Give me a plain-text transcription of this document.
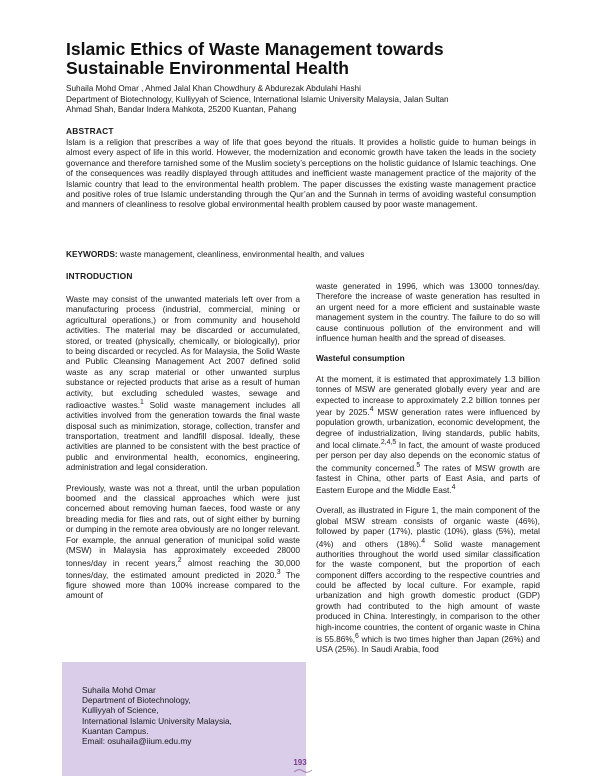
Islamic Ethics of Waste Management towards
Sustainable Environmental Health
Suhaila Mohd Omar , Ahmed Jalal Khan Chowdhury & Abdurezak Abdulahi Hashi
Department of Biotechnology, Kulliyyah of Science, International Islamic University Malaysia, Jalan Sultan
Ahmad Shah, Bandar Indera Mahkota, 25200 Kuantan, Pahang
ABSTRACT
Islam is a religion that prescribes a way of life that goes beyond the rituals. It provides a holistic guide to human beings in almost every aspect of life in this world. However, the modernization and economic growth have taken the leads in the society governance and therefore tarnished some of the Muslim society’s perceptions on the holistic guidance of Islamic teachings. One of the consequences was readily displayed through attitudes and inefficient waste management practice of the majority of the Islamic country that lead to the environmental health problem. The paper discusses the existing waste management practice and positive roles of true Islamic understanding through the Qur’an and the Sunnah in terms of avoiding wasteful consumption and manners of cleanliness to resolve global environmental health problem caused by poor waste management.
KEYWORDS: waste management, cleanliness, environmental health, and values
INTRODUCTION

Waste may consist of the unwanted materials left over from a manufacturing process (industrial, commercial, mining or agricultural operations,) or from community and household activities. The material may be discarded or accumulated, stored, or treated (physically, chemically, or biologically), prior to being discarded or recycled. As for Malaysia, the Solid Waste and Public Cleansing Management Act 2007 defined solid waste as any scrap material or other unwanted surplus substance or rejected products that arise as a result of human activity, but excluding scheduled wastes, sewage and radioactive wastes.$^1$ Solid waste management includes all activities involved from the generation towards the final waste disposal such as minimization, storage, collection, transfer and transportation, treatment and landfill disposal. Ideally, these activities are planned to be consistent with the best practice of public and environmental health, economics, engineering, administration and legal consideration.

Previously, waste was not a threat, until the urban population boomed and the classical approaches which were just concerned about removing human faeces, food waste or any breading media for flies and rats, out of sight either by burning or dumping in the remote area obviously are no longer relevant. For example, the annual generation of municipal solid waste (MSW) in Malaysia has approximately exceeded 28000 tonnes/day in recent years,$^2$ almost reaching the 30,000 tonnes/day, the estimated amount predicted in 2020.$^3$ The figure showed more than 100% increase compared to the amount of

waste generated in 1996, which was 13000 tonnes/day. Therefore the increase of waste generation has resulted in an urgent need for a more efficient and sustainable waste management system in the country. The failure to do so will cause continuous pollution of the environment and will influence human health and the spread of diseases.

Wasteful consumption

At the moment, it is estimated that approximately 1.3 billion tonnes of MSW are generated globally every year and are expected to increase to approximately 2.2 billion tonnes per year by 2025.$^4$ MSW generation rates were influenced by population growth, urbanization, economic development, the degree of industrialization, living standards, public habits, and local climate.$^{2,4,5}$ In fact, the amount of waste produced per person per day also depends on the economic status of the community concerned.$^5$ The rates of MSW growth are fastest in China, other parts of East Asia, and parts of Eastern Europe and the Middle East.$^4$

Overall, as illustrated in Figure 1, the main component of the global MSW stream consists of organic waste (46%), followed by paper (17%), plastic (10%), glass (5%), metal (4%) and others (18%).$^4$ Solid waste management authorities throughout the world used similar classification for the waste component, but the proportion of each component differs according to the respective countries and could be affected by local culture. For example, rapid urbanization and high growth domestic product (GDP) growth had contributed to the high amount of waste produced in China. Interestingly, in comparison to the other high-income countries, the content of organic waste in China is 55.86%,$^6$ which is two times higher than Japan (26%) and USA (25%). In Saudi Arabia, food

Suhaila Mohd Omar
Department of Biotechnology,
Kulliyyah of Science,
International Islamic University Malaysia,
Kuantan Campus.
Email: osuhaila@iium.edu.my
193
